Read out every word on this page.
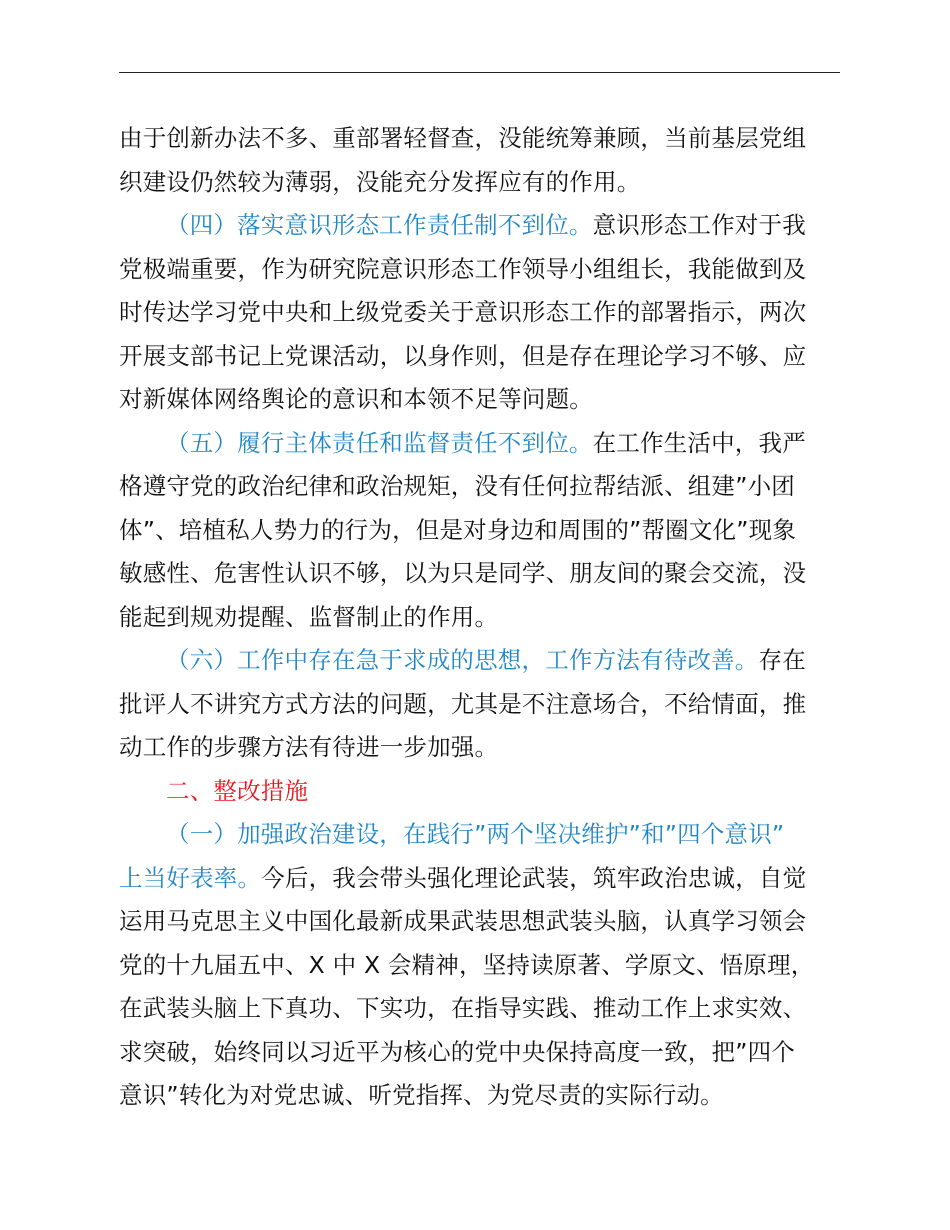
由于创新办法不多、重部署轻督查，没能统筹兼顾，当前基层党组
织建设仍然较为薄弱，没能充分发挥应有的作用。
（四）落实意识形态工作责任制不到位。意识形态工作对于我
党极端重要，作为研究院意识形态工作领导小组组长，我能做到及
时传达学习党中央和上级党委关于意识形态工作的部署指示，两次
开展支部书记上党课活动，以身作则，但是存在理论学习不够、应
对新媒体网络舆论的意识和本领不足等问题。
（五）履行主体责任和监督责任不到位。在工作生活中，我严
格遵守党的政治纪律和政治规矩，没有任何拉帮结派、组建”小团
体”、培植私人势力的行为，但是对身边和周围的”帮圈文化”现象
敏感性、危害性认识不够，以为只是同学、朋友间的聚会交流，没
能起到规劝提醒、监督制止的作用。
（六）工作中存在急于求成的思想，工作方法有待改善。存在
批评人不讲究方式方法的问题，尤其是不注意场合，不给情面，推
动工作的步骤方法有待进一步加强。
二、整改措施
（一）加强政治建设，在践行”两个坚决维护”和”四个意识”
上当好表率。今后，我会带头强化理论武装，筑牢政治忠诚，自觉
运用马克思主义中国化最新成果武装思想武装头脑，认真学习领会
党的十九届五中、X 中 X 会精神，坚持读原著、学原文、悟原理，
在武装头脑上下真功、下实功，在指导实践、推动工作上求实效、
求突破，始终同以习近平为核心的党中央保持高度一致，把”四个
意识”转化为对党忠诚、听党指挥、为党尽责的实际行动。
